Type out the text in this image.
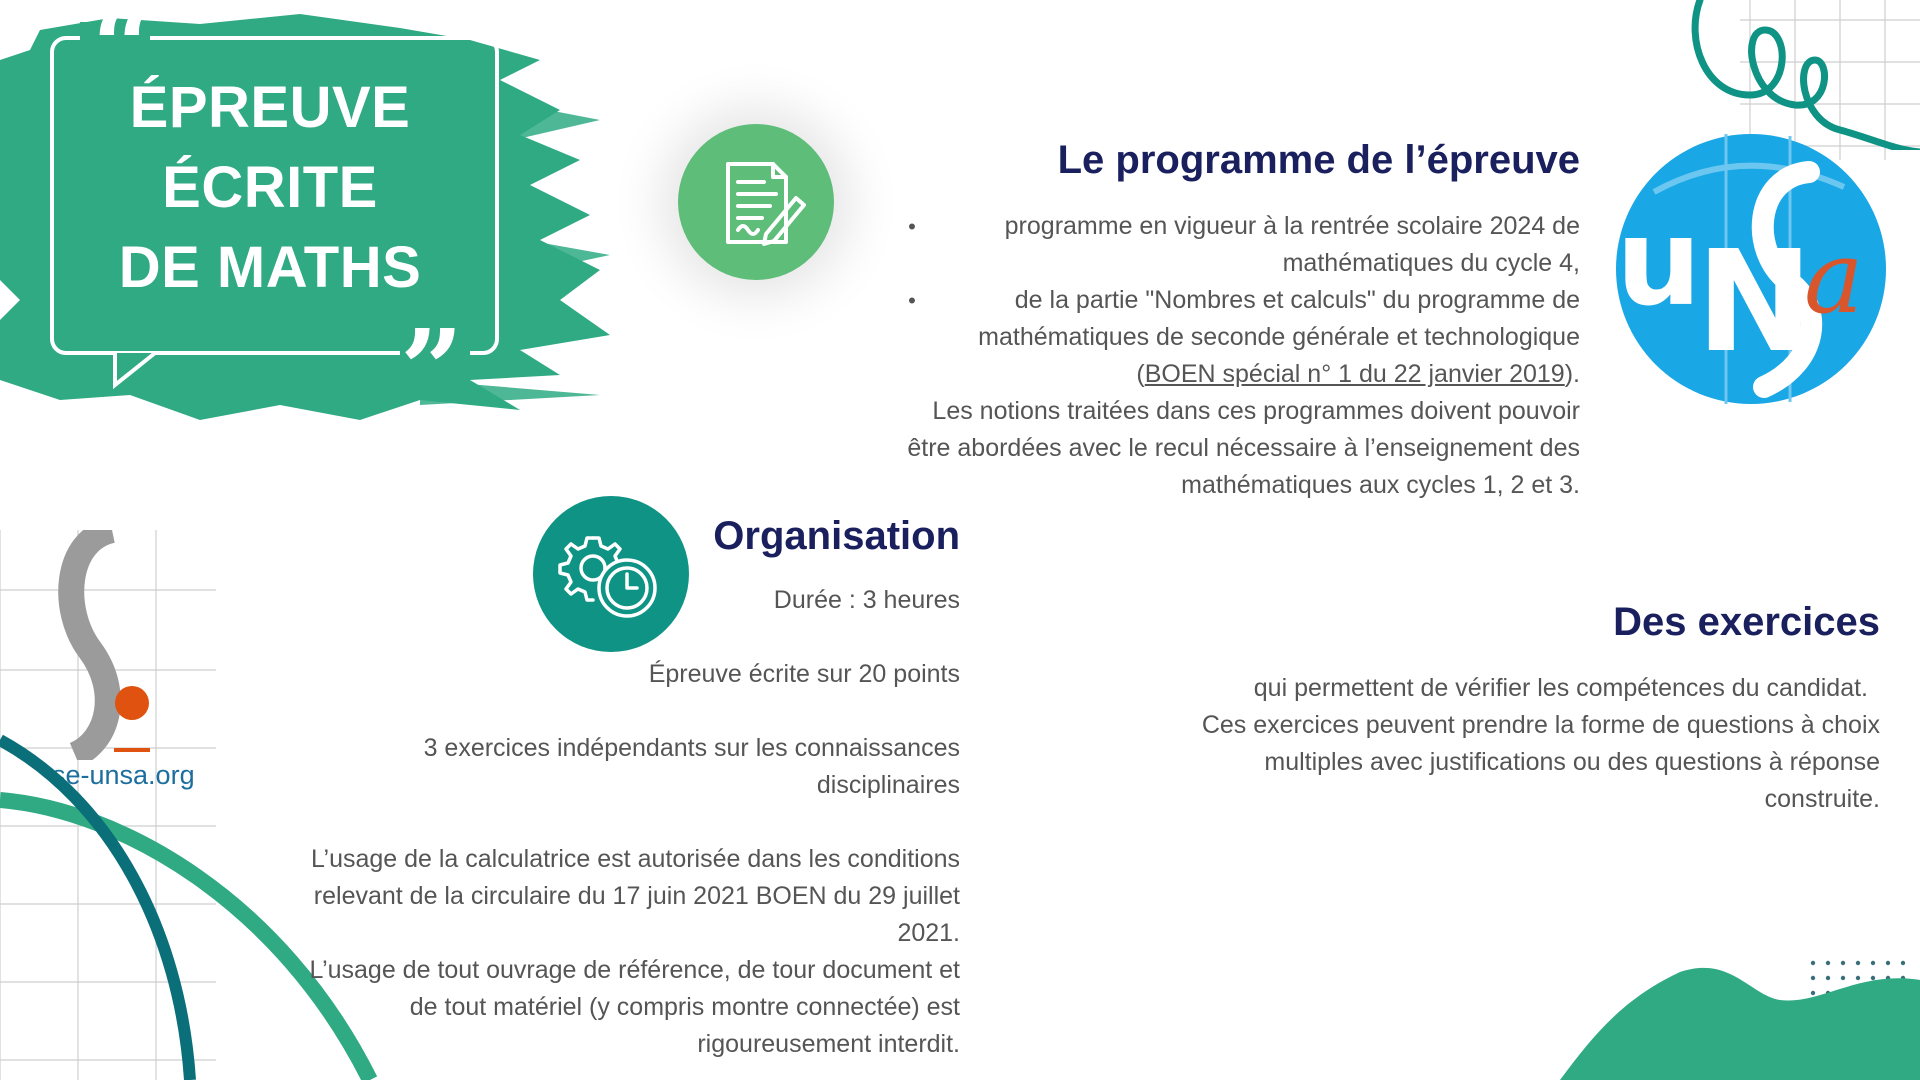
“
”
ÉPREUVE
ÉCRITE
DE MATHS
Le programme de l’épreuve
•	programme en vigueur à la rentrée scolaire 2024 de mathématiques du cycle 4,
•	de la partie "Nombres et calculs" du programme de mathématiques de seconde générale et technologique (BOEN spécial n° 1 du 22 janvier 2019).

Les notions traitées dans ces programmes doivent pouvoir être abordées avec le recul nécessaire à l’enseignement des mathématiques aux cycles 1, 2 et 3.

u
N
a
se-unsa.org
Organisation

Durée : 3 heures

Épreuve écrite sur 20 points

3 exercices indépendants sur les connaissances disciplinaires

L’usage de la calculatrice est autorisée dans les conditions relevant de la circulaire du 17 juin 2021 BOEN du 29 juillet 2021.

L’usage de tout ouvrage de référence, de tour document et de tout matériel (y compris montre connectée) est rigoureusement interdit.

Des exercices

qui permettent de vérifier les compétences du candidat.

Ces exercices peuvent prendre la forme de questions à choix multiples avec justifications ou des questions à réponse construite.
